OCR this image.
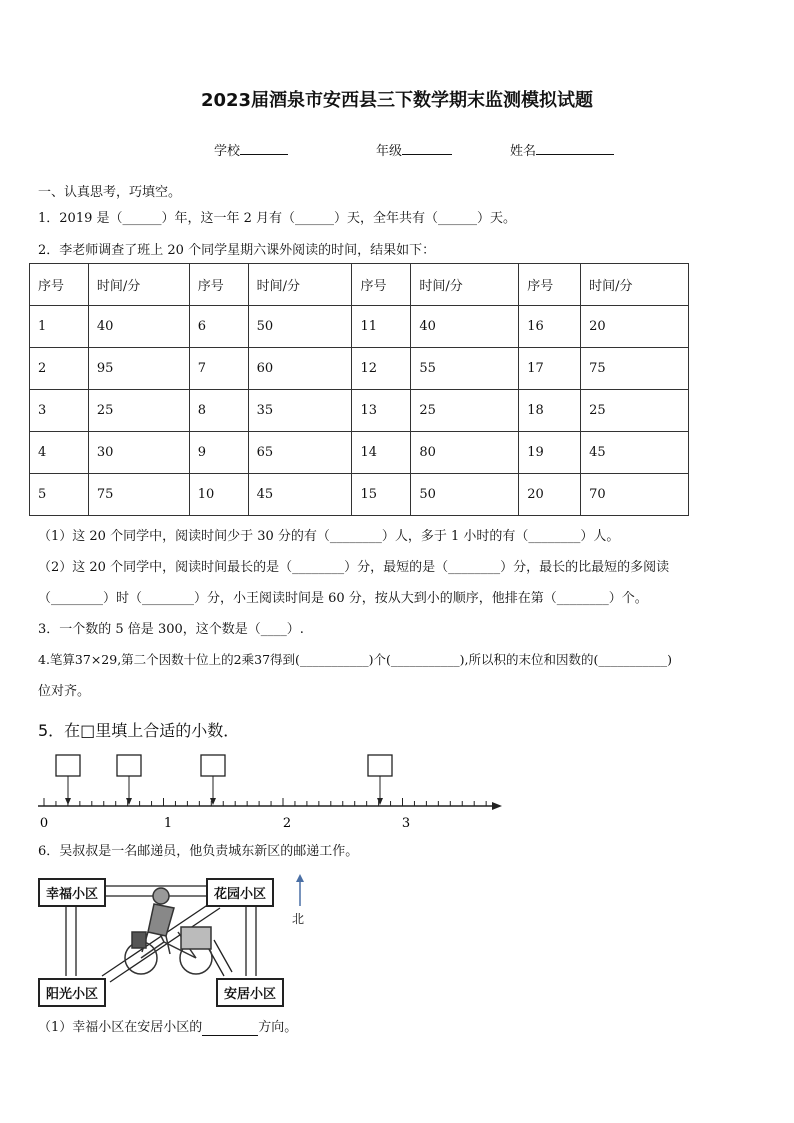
2023届酒泉市安西县三下数学期末监测模拟试题
学校	年级	姓名
一、认真思考，巧填空。
1．2019 是（______）年，这一年 2 月有（______）天，全年共有（______）天。
2．李老师调查了班上 20 个同学星期六课外阅读的时间，结果如下：
序号	时间/分	序号	时间/分	序号	时间/分	序号	时间/分
1	40	6	50	11	40	16	20
2	95	7	60	12	55	17	75
3	25	8	35	13	25	18	25
4	30	9	65	14	80	19	45
5	75	10	45	15	50	20	70
（1）这 20 个同学中，阅读时间少于 30 分的有（________）人，多于 1 小时的有（________）人。
（2）这 20 个同学中，阅读时间最长的是（________）分，最短的是（________）分，最长的比最短的多阅读
（________）时（________）分，小王阅读时间是 60 分，按从大到小的顺序，他排在第（________）个。
3．一个数的 5 倍是 300，这个数是（____）.
4.笔算37×29,第二个因数十位上的2乘37得到(___________)个(___________),所以积的末位和因数的(___________)
位对齐。
5．在□里填上合适的小数．
0	1	2	3
6．吴叔叔是一名邮递员，他负责城东新区的邮递工作。
幸福小区	花园小区
阳光小区	安居小区
北
（1）幸福小区在安居小区的	方向。
